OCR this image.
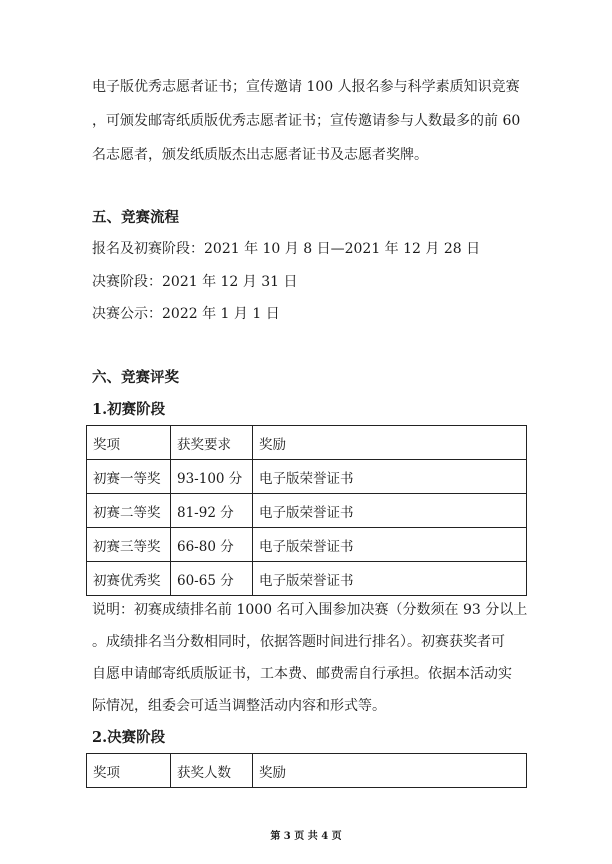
电子版优秀志愿者证书；宣传邀请 100 人报名参与科学素质知识竞赛
，可颁发邮寄纸质版优秀志愿者证书；宣传邀请参与人数最多的前 60
名志愿者，颁发纸质版杰出志愿者证书及志愿者奖牌。
五、竞赛流程
报名及初赛阶段：2021 年 10 月 8 日—2021 年 12 月 28 日
决赛阶段：2021 年 12 月 31 日
决赛公示：2022 年 1 月 1 日
六、竞赛评奖
1.初赛阶段
奖项	获奖要求	奖励
初赛一等奖	93-100 分	电子版荣誉证书
初赛二等奖	81-92 分	电子版荣誉证书
初赛三等奖	66-80 分	电子版荣誉证书
初赛优秀奖	60-65 分	电子版荣誉证书
说明：初赛成绩排名前 1000 名可入围参加决赛（分数须在 93 分以上
。成绩排名当分数相同时，依据答题时间进行排名）。初赛获奖者可
自愿申请邮寄纸质版证书，工本费、邮费需自行承担。依据本活动实
际情况，组委会可适当调整活动内容和形式等。
2.决赛阶段
奖项	获奖人数	奖励
第 3 页 共 4 页
